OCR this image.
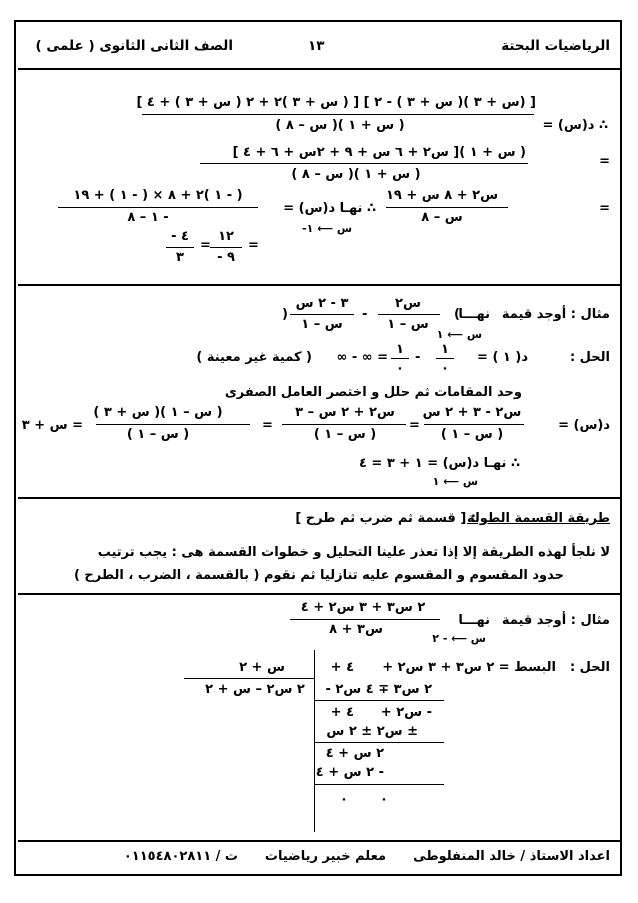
الرياضيات البحتة
١٣
الصف الثانى الثانوى ( علمى )
∴ د(س) =
[ (س + ٣ )( س + ٣ ) - ٢ ] [ ( س + ٣ )٢ + ٢ ( س + ٣ ) + ٤ ]
( س + ١ )( س – ٨ )
=
( س + ١ )[ س٢ + ٦ س + ٩ + ٢س + ٦ + ٤ ]
( س + ١ )( س – ٨ )
=
س٢ + ٨ س + ١٩
س – ٨
∴ نهـا د(س) =
س ⟵ ١-
( - ١ )٢ + ٨ × ( - ١ ) + ١٩
- ١ – ٨
=
١٢
٩ -
=
٤ -
٣
مثال : أوجد قيمة
نهـــا
س ⟵ ١
(
س٢
س – ١
-
٣ - ٢ س
س – ١
)
الحل :
د( ١ ) =
١
٠
-
١
٠
= ∞ - ∞
( كمية غير معينة )
وحد المقامات ثم حلل و اختصر العامل الصفرى
د(س) =
س٢ - ٣ + ٢ س
( س – ١ )
=
س٢ + ٢ س – ٣
( س – ١ )
=
( س – ١ )( س + ٣ )
( س – ١ )
= س + ٣
∴ نهـا د(س) = ١ + ٣ = ٤
س ⟵ ١
طريقة القسمة الطولة
: [ قسمة ثم ضرب ثم طرح ]
لا نلجأ لهذه الطريقة إلا إذا تعذر علينا التحليل و خطوات القسمة هى : يجب ترتيب
حدود المقسوم و المقسوم عليه تنازليا ثم نقوم ( بالقسمة ، الضرب ، الطرح )
مثال : أوجد قيمة
نهـــا
س ⟵ - ٢
٢ س٣ + ٣ س٢ + ٤
س٣ + ٨
الحل :
البسط = ٢ س٣ + ٣ س٢ +
٤ +
س + ٢
٢ س٢ – س + ٢ ٢ س٣ ∓ ٤ س٢ -
٤ + - س٢ +
± س٢ ± ٢ س
٢ س + ٤
- ٢ س + ٤
٠
٠
اعداد الاستاذ / خالد المنفلوطى
معلم خبير رياضيات
ت / ٠١١٥٤٨٠٢٨١١
